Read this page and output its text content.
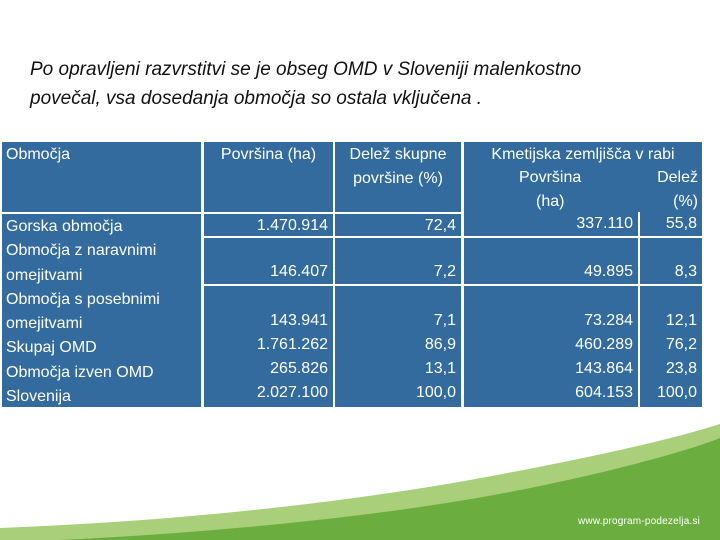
Po opravljeni razvrstitvi se je obseg OMD v Sloveniji malenkostno
povečal, vsa dosedanja območja so ostala vključena .
Območja
Gorska območja
Območja z naravnimi
omejitvami
Območja s posebnimi
omejitvami
Skupaj OMD
Območja izven OMD
Slovenija
Površina (ha)
1.470.914
146.407
143.941
1.761.262
265.826
2.027.100
Delež skupne
površine (%)
72,4
7,2
7,1
86,9
13,1
100,0
Kmetijska zemljišča v rabi
Površina	Delež
(ha)	(%)
337.110
49.895
73.284
460.289
143.864
604.153
55,8
8,3
12,1
76,2
23,8
100,0
www.program-podezelja.si
